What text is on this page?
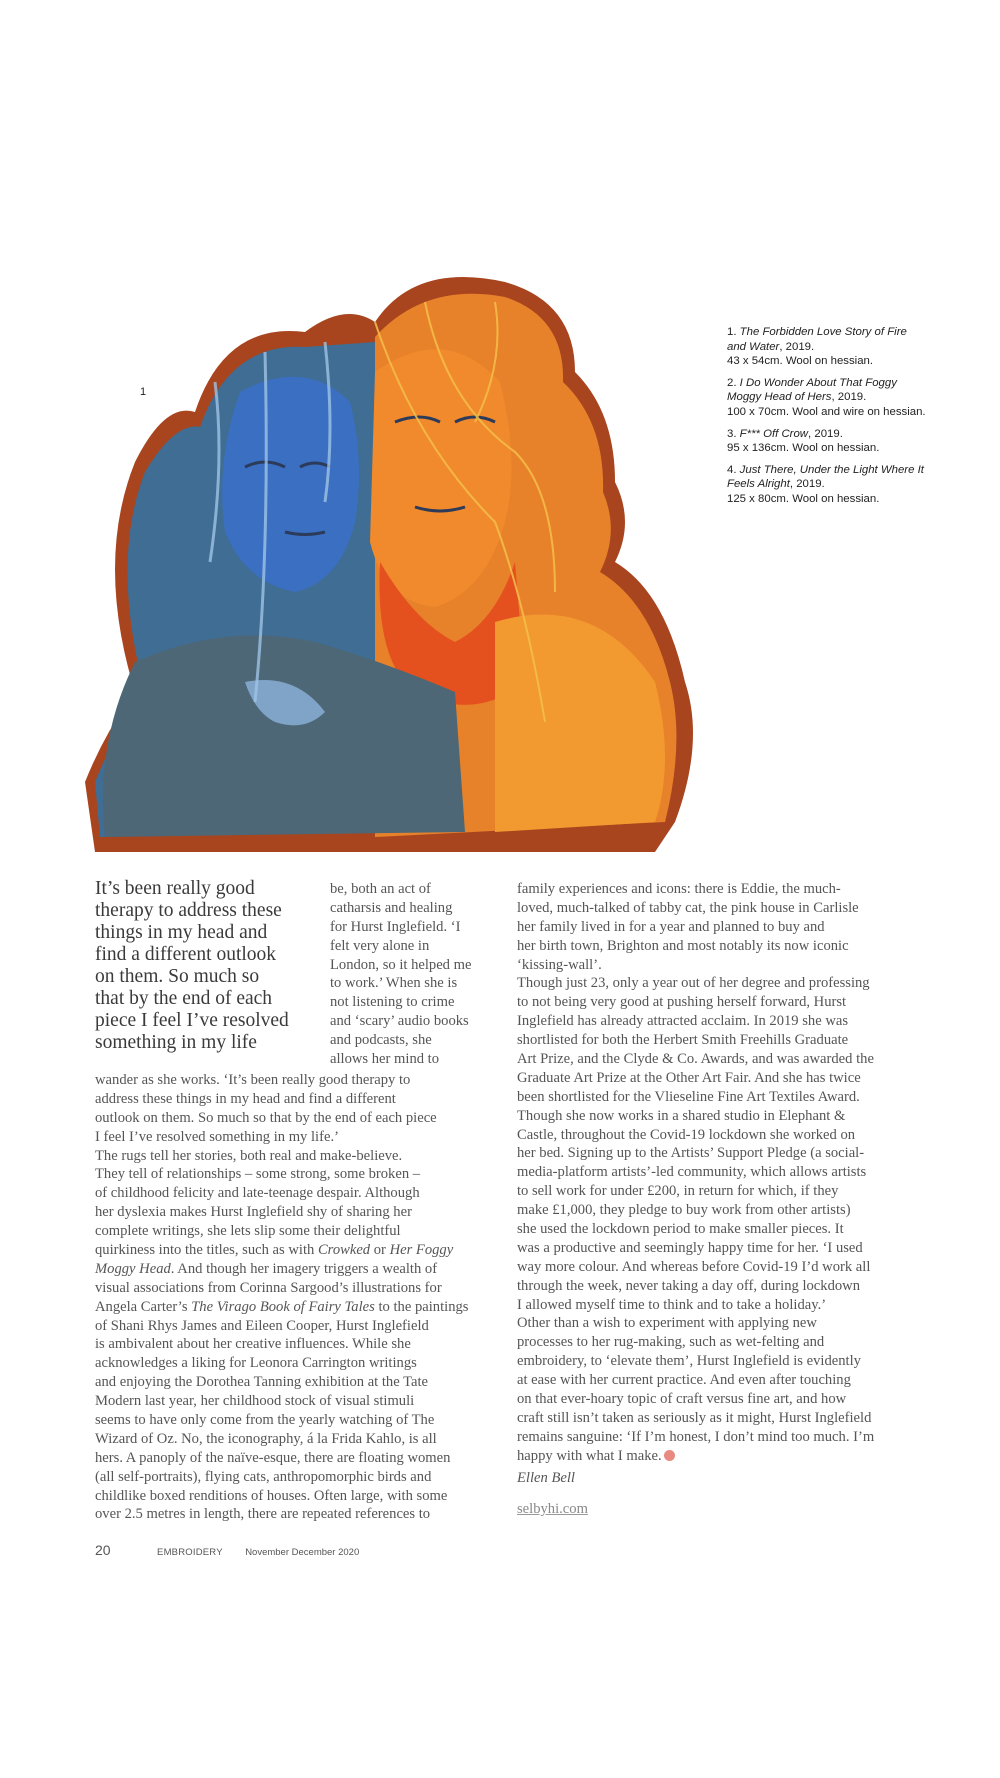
1
1. The Forbidden Love Story of Fire and Water, 2019.
43 x 54cm. Wool on hessian.
2. I Do Wonder About That Foggy Moggy Head of Hers, 2019.
100 x 70cm. Wool and wire on hessian.
3. F*** Off Crow, 2019.
95 x 136cm. Wool on hessian.
4. Just There, Under the Light Where It Feels Alright, 2019.
125 x 80cm. Wool on hessian.
It’s been really good
therapy to address these
things in my head and
find a different outlook
on them. So much so
that by the end of each
piece I feel I’ve resolved
something in my life
be, both an act of
catharsis and healing
for Hurst Inglefield. ‘I
felt very alone in
London, so it helped me
to work.’ When she is
not listening to crime
and ‘scary’ audio books
and podcasts, she
allows her mind to
wander as she works. ‘It’s been really good therapy to
address these things in my head and find a different
outlook on them. So much so that by the end of each piece
I feel I’ve resolved something in my life.’
The rugs tell her stories, both real and make-believe.
They tell of relationships – some strong, some broken –
of childhood felicity and late-teenage despair. Although
her dyslexia makes Hurst Inglefield shy of sharing her
complete writings, she lets slip some their delightful
quirkiness into the titles, such as with Crowked or Her Foggy
Moggy Head. And though her imagery triggers a wealth of
visual associations from Corinna Sargood’s illustrations for
Angela Carter’s The Virago Book of Fairy Tales to the paintings
of Shani Rhys James and Eileen Cooper, Hurst Inglefield
is ambivalent about her creative influences. While she
acknowledges a liking for Leonora Carrington writings
and enjoying the Dorothea Tanning exhibition at the Tate
Modern last year, her childhood stock of visual stimuli
seems to have only come from the yearly watching of The
Wizard of Oz. No, the iconography, á la Frida Kahlo, is all
hers. A panoply of the naïve-esque, there are floating women
(all self-portraits), flying cats, anthropomorphic birds and
childlike boxed renditions of houses. Often large, with some
over 2.5 metres in length, there are repeated references to
family experiences and icons: there is Eddie, the much-
loved, much-talked of tabby cat, the pink house in Carlisle
her family lived in for a year and planned to buy and
her birth town, Brighton and most notably its now iconic
‘kissing-wall’.
Though just 23, only a year out of her degree and professing
to not being very good at pushing herself forward, Hurst
Inglefield has already attracted acclaim. In 2019 she was
shortlisted for both the Herbert Smith Freehills Graduate
Art Prize, and the Clyde & Co. Awards, and was awarded the
Graduate Art Prize at the Other Art Fair. And she has twice
been shortlisted for the Vlieseline Fine Art Textiles Award.
Though she now works in a shared studio in Elephant &
Castle, throughout the Covid-19 lockdown she worked on
her bed. Signing up to the Artists’ Support Pledge (a social-
media-platform artists’-led community, which allows artists
to sell work for under £200, in return for which, if they
make £1,000, they pledge to buy work from other artists)
she used the lockdown period to make smaller pieces. It
was a productive and seemingly happy time for her. ‘I used
way more colour. And whereas before Covid-19 I’d work all
through the week, never taking a day off, during lockdown
I allowed myself time to think and to take a holiday.’
Other than a wish to experiment with applying new
processes to her rug-making, such as wet-felting and
embroidery, to ‘elevate them’, Hurst Inglefield is evidently
at ease with her current practice. And even after touching
on that ever-hoary topic of craft versus fine art, and how
craft still isn’t taken as seriously as it might, Hurst Inglefield
remains sanguine: ‘If I’m honest, I don’t mind too much. I’m
happy with what I make.
Ellen Bell
selbyhi.com
20	EMBROIDERY November December 2020
